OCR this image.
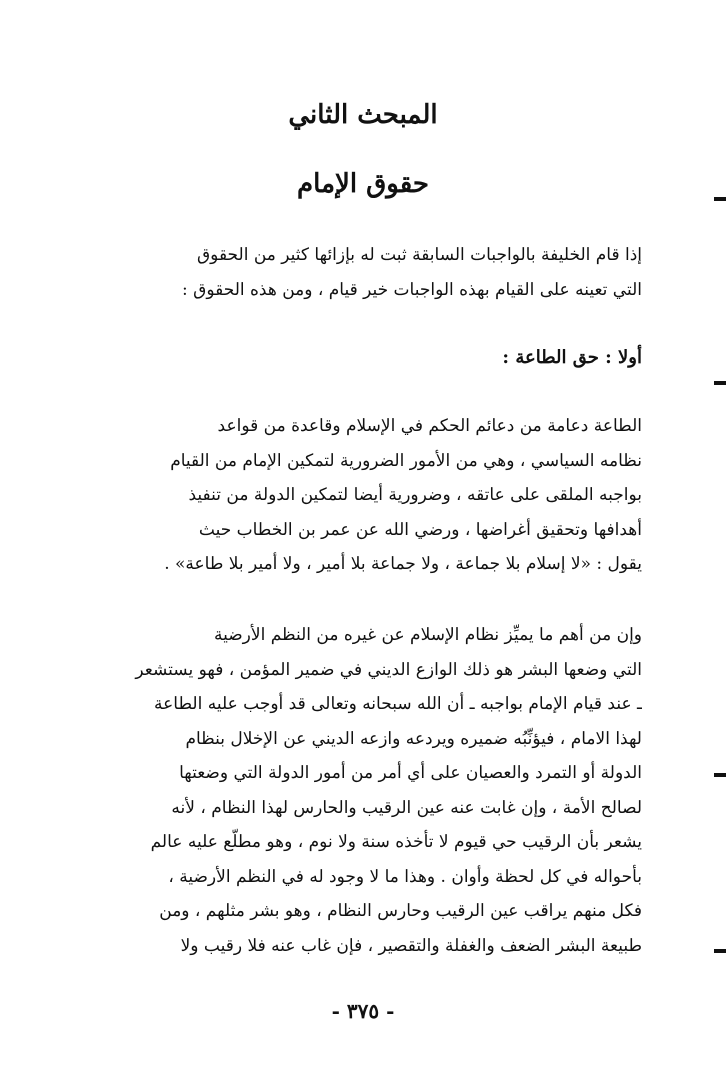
المبحث الثاني
حقوق الإمام
إذا قام الخليفة بالواجبات السابقة ثبت له بإزائها كثير من الحقوق
التي تعينه على القيام بهذه الواجبات خير قيام ، ومن هذه الحقوق :
أولا : حق الطاعة :
الطاعة دعامة من دعائم الحكم في الإسلام وقاعدة من قواعد
نظامه السياسي ، وهي من الأمور الضرورية لتمكين الإمام من القيام
بواجبه الملقى على عاتقه ، وضرورية أيضا لتمكين الدولة من تنفيذ
أهدافها وتحقيق أغراضها ، ورضي الله عن عمر بن الخطاب حيث
يقول : «لا إسلام بلا جماعة ، ولا جماعة بلا أمير ، ولا أمير بلا طاعة» .
وإن من أهم ما يميِّز نظام الإسلام عن غيره من النظم الأرضية
التي وضعها البشر هو ذلك الوازع الديني في ضمير المؤمن ، فهو يستشعر
ـ عند قيام الإمام بواجبه ـ أن الله سبحانه وتعالى قد أوجب عليه الطاعة
لهذا الامام ، فيؤنِّبُه ضميره ويردعه وازعه الديني عن الإخلال بنظام
الدولة أو التمرد والعصيان على أي أمر من أمور الدولة التي وضعتها
لصالح الأمة ، وإن غابت عنه عين الرقيب والحارس لهذا النظام ، لأنه
يشعر بأن الرقيب حي قيوم لا تأخذه سنة ولا نوم ، وهو مطلّع عليه عالم
بأحواله في كل لحظة وأوان . وهذا ما لا وجود له في النظم الأرضية ،
فكل منهم يراقب عين الرقيب وحارس النظام ، وهو بشر مثلهم ، ومن
طبيعة البشر الضعف والغفلة والتقصير ، فإن غاب عنه فلا رقيب ولا
- ٣٧٥ -
